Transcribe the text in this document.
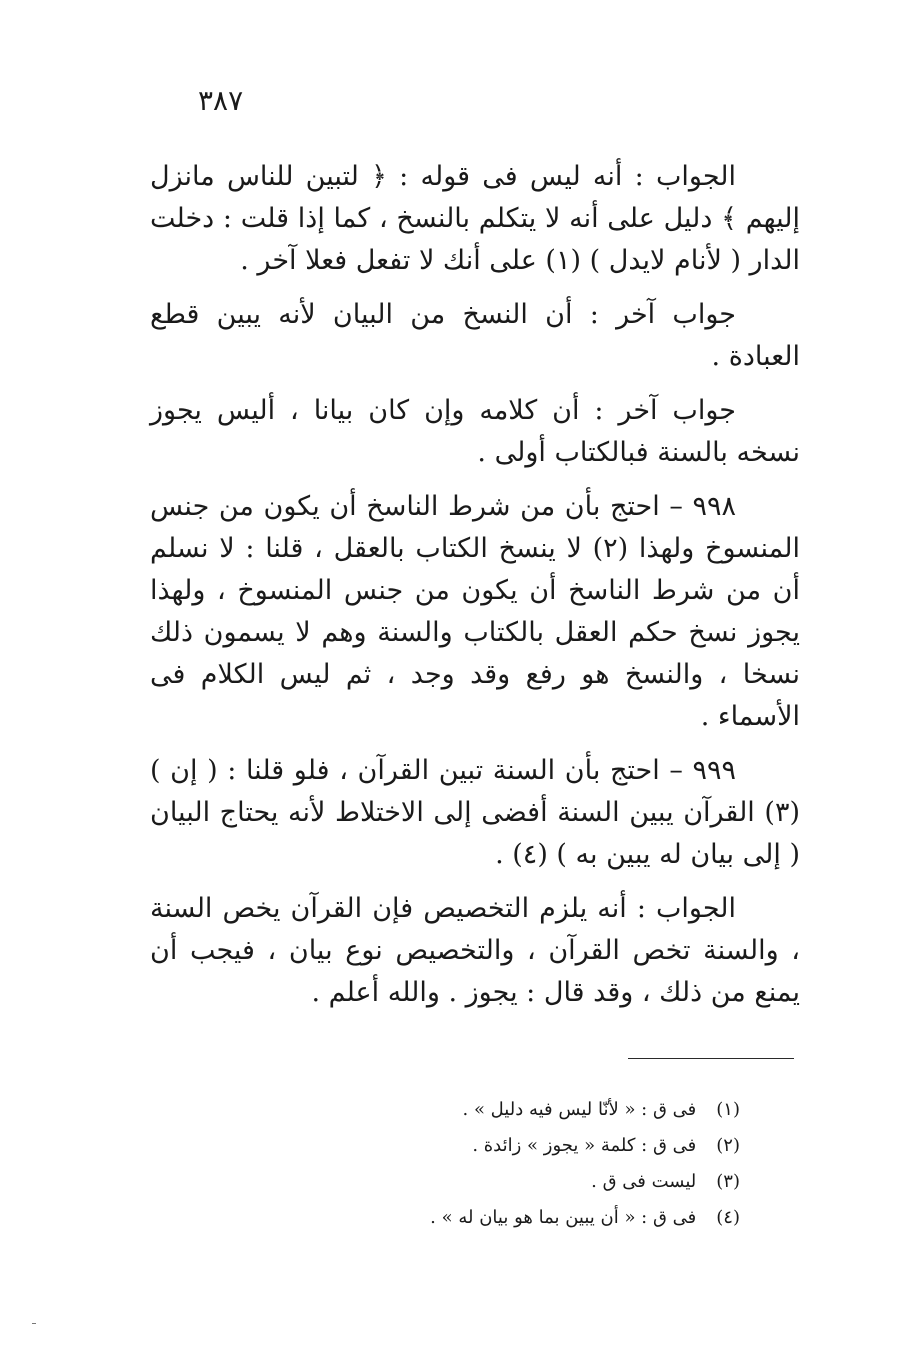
٣٨٧

الجواب : أنه ليس فى قوله : ﴿ لتبين للناس مانزل إليهم ﴾ دليل على أنه لا يتكلم بالنسخ ، كما إذا قلت : دخلت الدار ( لأنام لايدل ) (١) على أنك لا تفعل فعلا آخر .

جواب آخر : أن النسخ من البيان لأنه يبين قطع العبادة .

جواب آخر : أن كلامه وإن كان بيانا ، أليس يجوز نسخه بالسنة فبالكتاب أولى .

٩٩٨ – احتج بأن من شرط الناسخ أن يكون من جنس المنسوخ ولهذا (٢) لا ينسخ الكتاب بالعقل ، قلنا : لا نسلم أن من شرط الناسخ أن يكون من جنس المنسوخ ، ولهذا يجوز نسخ حكم العقل بالكتاب والسنة وهم لا يسمون ذلك نسخا ، والنسخ هو رفع وقد وجد ، ثم ليس الكلام فى الأسماء .

٩٩٩ – احتج بأن السنة تبين القرآن ، فلو قلنا : ( إن ) (٣) القرآن يبين السنة أفضى إلى الاختلاط لأنه يحتاج البيان ( إلى بيان له يبين به ) (٤) .

الجواب : أنه يلزم التخصيص فإن القرآن يخص السنة ، والسنة تخص القرآن ، والتخصيص نوع بيان ، فيجب أن يمنع من ذلك ، وقد قال : يجوز . والله أعلم .

(١) فى ق : « لأنّا ليس فيه دليل » .
(٢) فى ق : كلمة « يجوز » زائدة .
(٣) ليست فى ق .
(٤) فى ق : « أن يبين بما هو بيان له » .
